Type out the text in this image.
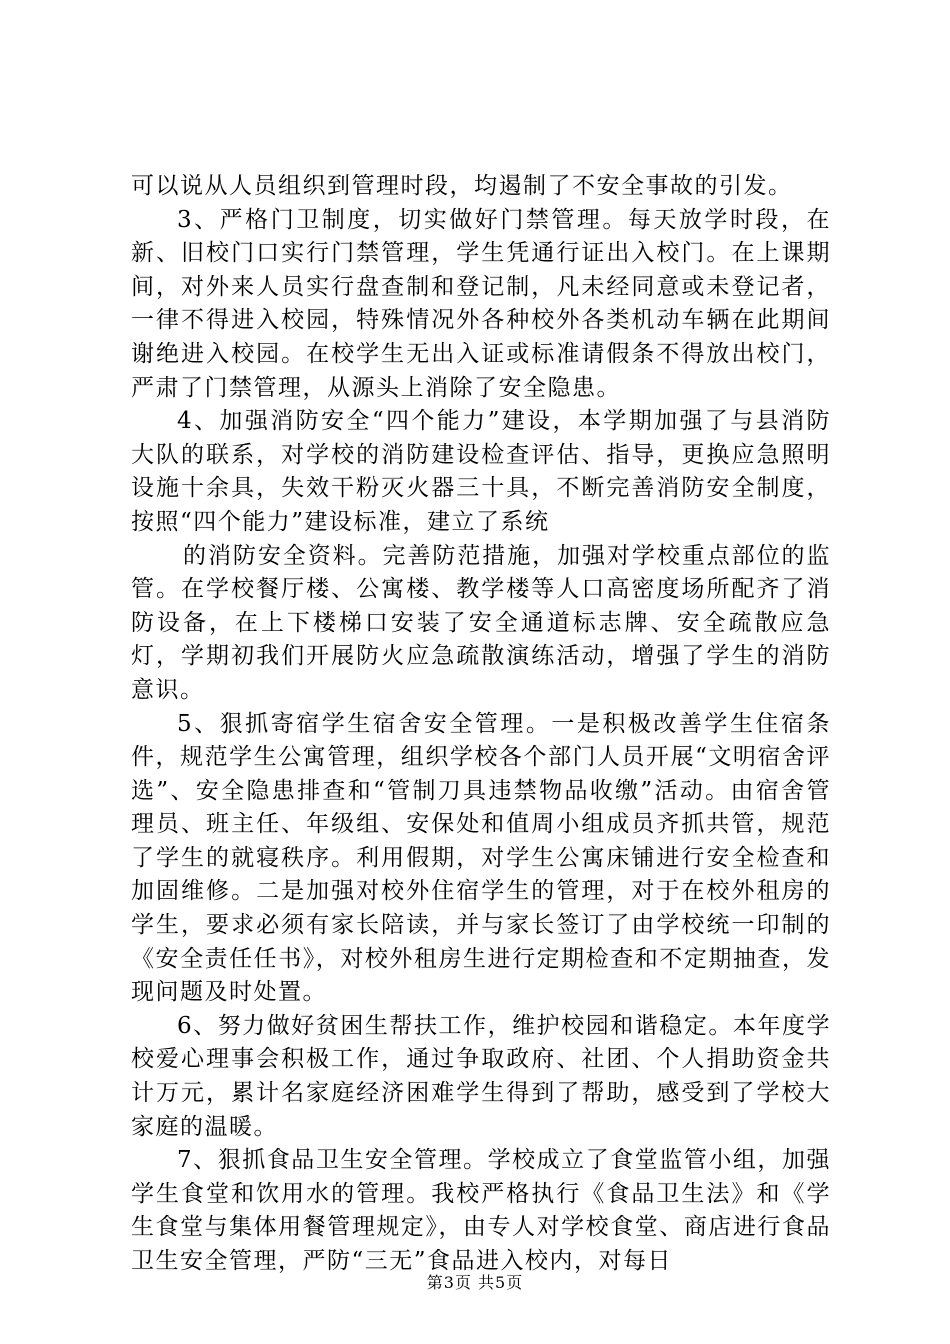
可以说从人员组织到管理时段，均遏制了不安全事故的引发。

3、严格门卫制度，切实做好门禁管理。每天放学时段，在新、旧校门口实行门禁管理，学生凭通行证出入校门。在上课期间，对外来人员实行盘查制和登记制，凡未经同意或未登记者，一律不得进入校园，特殊情况外各种校外各类机动车辆在此期间谢绝进入校园。在校学生无出入证或标准请假条不得放出校门，严肃了门禁管理，从源头上消除了安全隐患。

4、加强消防安全“四个能力”建设，本学期加强了与县消防大队的联系，对学校的消防建设检查评估、指导，更换应急照明设施十余具，失效干粉灭火器三十具，不断完善消防安全制度，按照“四个能力”建设标准，建立了系统

的消防安全资料。完善防范措施，加强对学校重点部位的监管。在学校餐厅楼、公寓楼、教学楼等人口高密度场所配齐了消防设备，在上下楼梯口安装了安全通道标志牌、安全疏散应急灯，学期初我们开展防火应急疏散演练活动，增强了学生的消防意识。

5、狠抓寄宿学生宿舍安全管理。一是积极改善学生住宿条件，规范学生公寓管理，组织学校各个部门人员开展“文明宿舍评选”、安全隐患排查和“管制刀具违禁物品收缴”活动。由宿舍管理员、班主任、年级组、安保处和值周小组成员齐抓共管，规范了学生的就寝秩序。利用假期，对学生公寓床铺进行安全检查和加固维修。二是加强对校外住宿学生的管理，对于在校外租房的学生，要求必须有家长陪读，并与家长签订了由学校统一印制的《安全责任任书》，对校外租房生进行定期检查和不定期抽查，发现问题及时处置。

6、努力做好贫困生帮扶工作，维护校园和谐稳定。本年度学校爱心理事会积极工作，通过争取政府、社团、个人捐助资金共计万元，累计名家庭经济困难学生得到了帮助，感受到了学校大家庭的温暖。

7、狠抓食品卫生安全管理。学校成立了食堂监管小组，加强学生食堂和饮用水的管理。我校严格执行《食品卫生法》和《学生食堂与集体用餐管理规定》，由专人对学校食堂、商店进行食品卫生安全管理，严防“三无”食品进入校内，对每日

第3页 共5页
